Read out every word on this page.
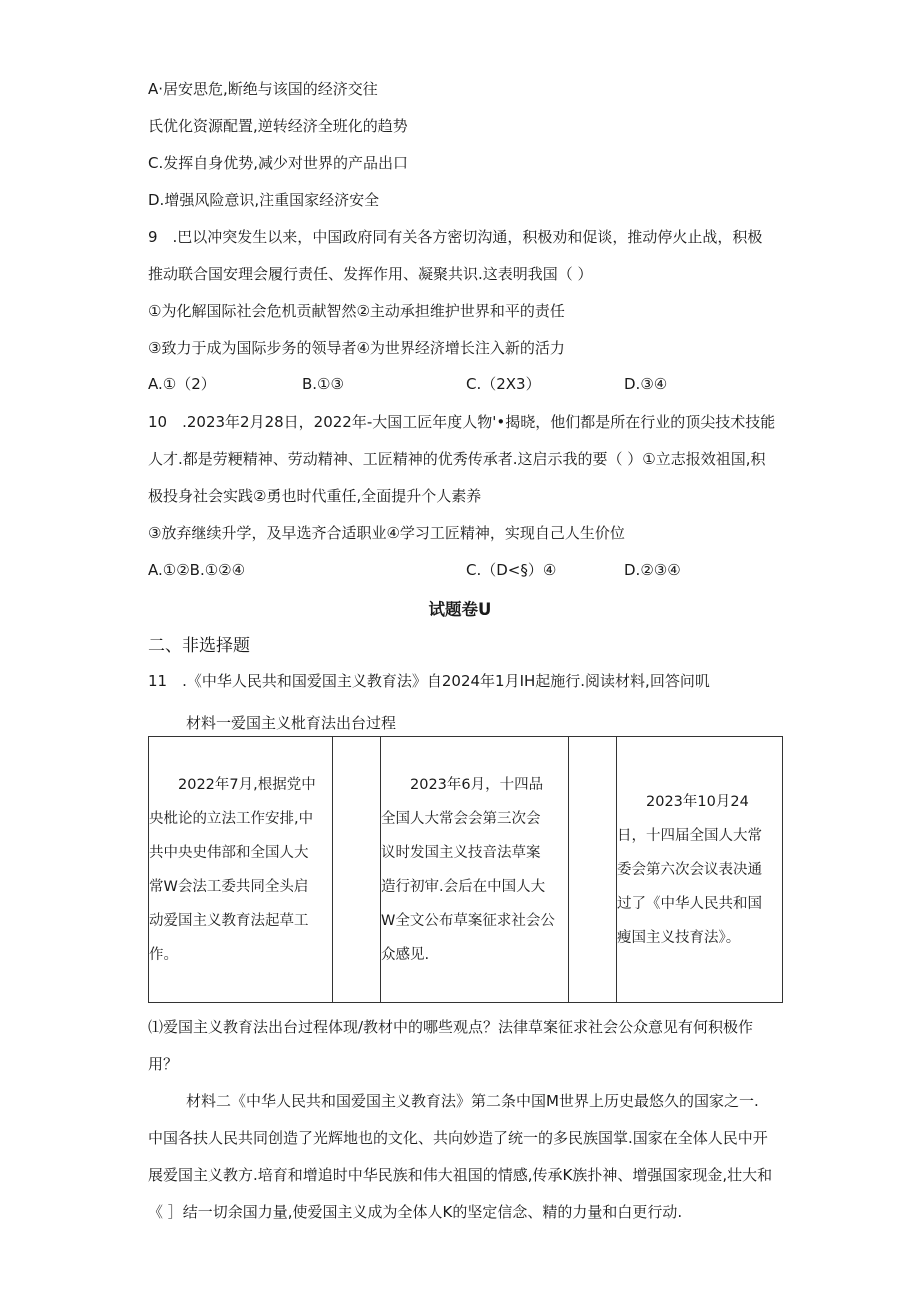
A·居安思危,断绝与该国的经济交往
氏优化资源配置,逆转经济全班化的趋势
C.发挥自身优势,减少对世界的产品出口
D.增强风险意识,注重国家经济安全
9　.巴以冲突发生以来，中国政府同有关各方密切沟通，积极劝和促谈，推动停火止战，积极
推动联合国安理会履行责任、发挥作用、凝聚共识.这表明我国（ ）
①为化解国际社会危机贡献智然②主动承担维护世界和平的责任
③致力于成为国际步务的领导者④为世界经济增长注入新的活力
A.①（2）	B.①③	C.（2X3）	D.③④
10　.2023年2月28日，2022年-大国工匠年度人物'•揭晓，他们都是所在行业的顶尖技术技能
人才.都是劳粳精神、劳动精神、工匠精神的优秀传承者.这启示我的要（ ）①立志报效祖国,积
极投身社会实践②勇也时代重任,全面提升个人素养
③放弃继续升学，及早选齐合适职业④学习工匠精神，实现自己人生价位
A.①②B.①②④	C.（D<§）④	D.②③④
试题卷U
二、非选择题
11　.《中华人民共和国爱国主义教育法》自2024年1月IH起施行.阅读材料,回答问叽
材料一爱国主义枇育法出台过程
2022年7月,根据党中
央枇论的立法工作安排,中
共中央史伟部和全国人大
常W会法工委共同全头启
动爱国主义教育法起草工
作。

2023年6月，十四品
全国人大常会会第三次会
议时发国主义技音法草案
造行初审.会后在中国人大
W全文公布草案征求社会公
众感见.

2023年10月24
日，十四届全国人大常
委会第六次会议表决通
过了《中华人民共和国
瘦国主义技育法》。
⑴爱国主义教育法出台过程体现/教材中的哪些观点？法律草案征求社会公众意见有何积极作
用？
材料二《中华人民共和国爱国主义教育法》第二条中国M世界上历史最悠久的国家之一.
中国各扶人民共同创造了光辉地也的文化、共向妙造了统一的多民族国掌.国家在全体人民中开
展爱国主义教方.培育和增追时中华民族和伟大祖国的情感,传承K族扑神、增强国家现金,壮大和
《 ］结一切余国力量,使爱国主义成为全体人K的坚定信念、精的力量和白更行动.
